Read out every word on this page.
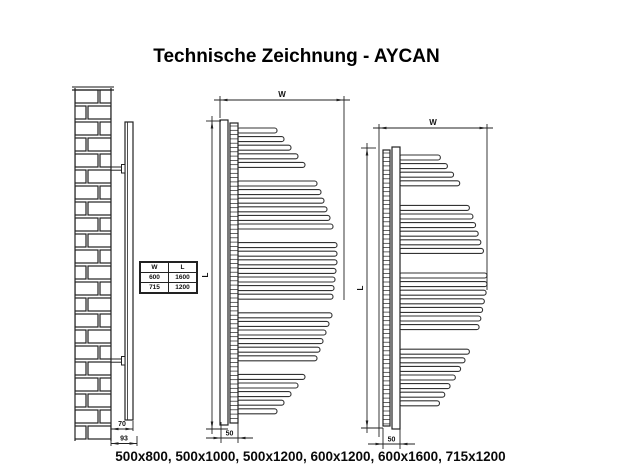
Technische Zeichnung - AYCAN
70
93
W
L
50
W
L
50
W	L
600	1600
715	1200
500x800, 500x1000, 500x1200, 600x1200, 600x1600, 715x1200
